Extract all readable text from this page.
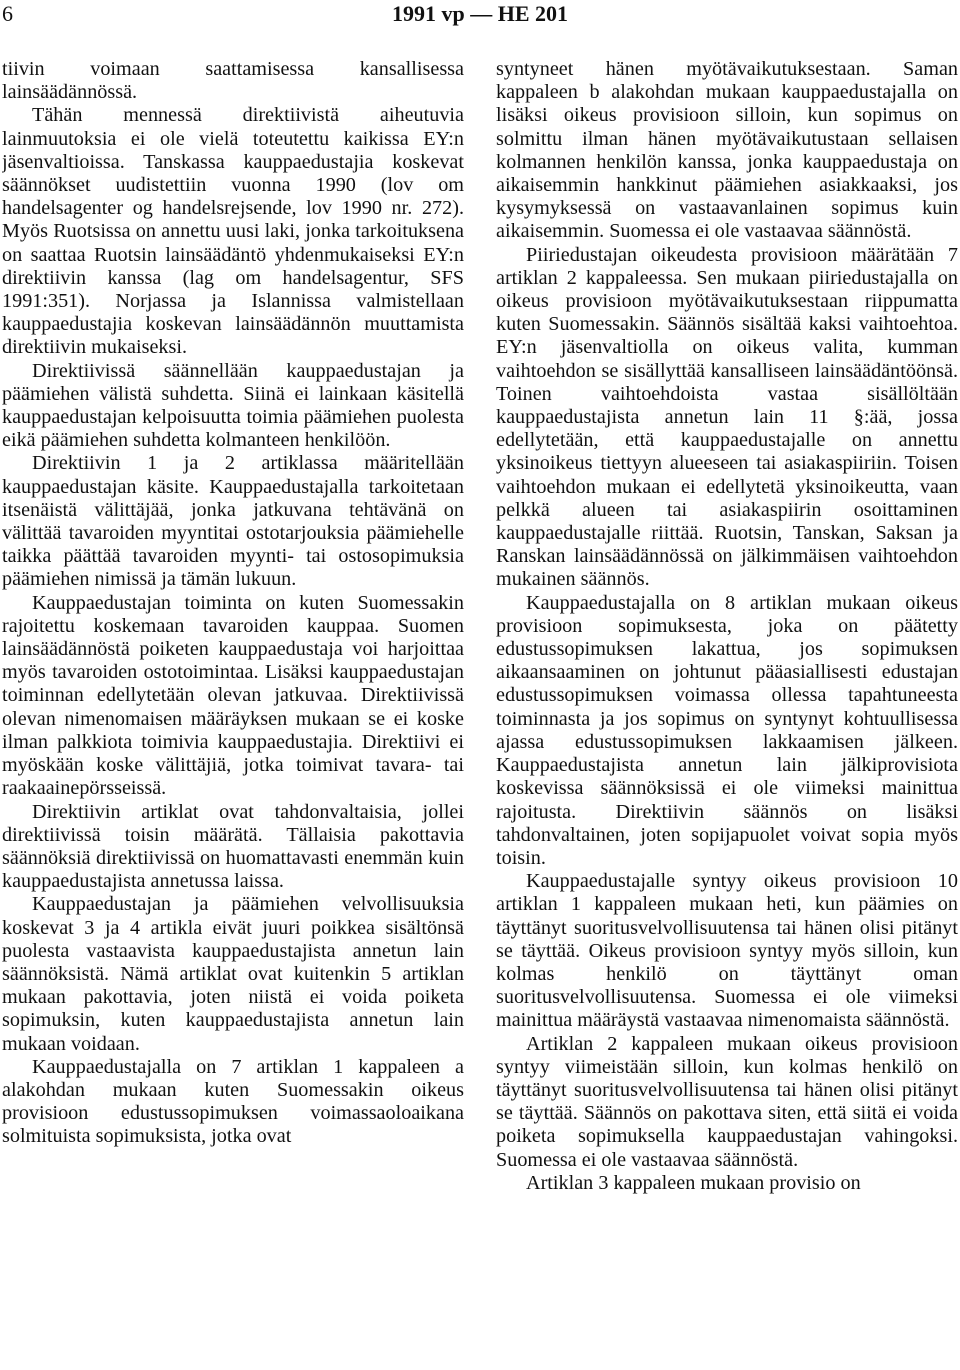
6	1991 vp — HE 201

tiivin voimaan saattamisessa kansallisessa lainsäädännössä.

Tähän mennessä direktiivistä aiheutuvia lainmuutoksia ei ole vielä toteutettu kaikissa EY:n jäsenvaltioissa. Tanskassa kauppaedustajia koskevat säännökset uudistettiin vuonna 1990 (lov om handelsagenter og handelsrejsende, lov 1990 nr. 272). Myös Ruotsissa on annettu uusi laki, jonka tarkoituksena on saattaa Ruotsin lainsäädäntö yhdenmukaiseksi EY:n direktiivin kanssa (lag om handelsagentur, SFS 1991:351). Norjassa ja Islannissa valmistellaan kauppaedustajia koskevan lainsäädännön muuttamista direktiivin mukaiseksi.

Direktiivissä säännellään kauppaedustajan ja päämiehen välistä suhdetta. Siinä ei lainkaan käsitellä kauppaedustajan kelpoisuutta toimia päämiehen puolesta eikä päämiehen suhdetta kolmanteen henkilöön.

Direktiivin 1 ja 2 artiklassa määritellään kauppaedustajan käsite. Kauppaedustajalla tarkoitetaan itsenäistä välittäjää, jonka jatkuvana tehtävänä on välittää tavaroiden myyntitai ostotarjouksia päämiehelle taikka päättää tavaroiden myynti- tai ostosopimuksia päämiehen nimissä ja tämän lukuun.

Kauppaedustajan toiminta on kuten Suomessakin rajoitettu koskemaan tavaroiden kauppaa. Suomen lainsäädännöstä poiketen kauppaedustaja voi harjoittaa myös tavaroiden ostotoimintaa. Lisäksi kauppaedustajan toiminnan edellytetään olevan jatkuvaa. Direktiivissä olevan nimenomaisen määräyksen mukaan se ei koske ilman palkkiota toimivia kauppaedustajia. Direktiivi ei myöskään koske välittäjiä, jotka toimivat tavara- tai raakaainepörsseissä.

Direktiivin artiklat ovat tahdonvaltaisia, jollei direktiivissä toisin määrätä. Tällaisia pakottavia säännöksiä direktiivissä on huomattavasti enemmän kuin kauppaedustajista annetussa laissa.

Kauppaedustajan ja päämiehen velvollisuuksia koskevat 3 ja 4 artikla eivät juuri poikkea sisältönsä puolesta vastaavista kauppaedustajista annetun lain säännöksistä. Nämä artiklat ovat kuitenkin 5 artiklan mukaan pakottavia, joten niistä ei voida poiketa sopimuksin, kuten kauppaedustajista annetun lain mukaan voidaan.

Kauppaedustajalla on 7 artiklan 1 kappaleen a alakohdan mukaan kuten Suomessakin oikeus provisioon edustussopimuksen voimassaoloaikana solmituista sopimuksista, jotka ovat

syntyneet hänen myötävaikutuksestaan. Saman kappaleen b alakohdan mukaan kauppaedustajalla on lisäksi oikeus provisioon silloin, kun sopimus on solmittu ilman hänen myötävaikutustaan sellaisen kolmannen henkilön kanssa, jonka kauppaedustaja on aikaisemmin hankkinut päämiehen asiakkaaksi, jos kysymyksessä on vastaavanlainen sopimus kuin aikaisemmin. Suomessa ei ole vastaavaa säännöstä.

Piiriedustajan oikeudesta provisioon määrätään 7 artiklan 2 kappaleessa. Sen mukaan piiriedustajalla on oikeus provisioon myötävaikutuksestaan riippumatta kuten Suomessakin. Säännös sisältää kaksi vaihtoehtoa. EY:n jäsenvaltiolla on oikeus valita, kumman vaihtoehdon se sisällyttää kansalliseen lainsäädäntöönsä. Toinen vaihtoehdoista vastaa sisällöltään kauppaedustajista annetun lain 11 §:ää, jossa edellytetään, että kauppaedustajalle on annettu yksinoikeus tiettyyn alueeseen tai asiakaspiiriin. Toisen vaihtoehdon mukaan ei edellytetä yksinoikeutta, vaan pelkkä alueen tai asiakaspiirin osoittaminen kauppaedustajalle riittää. Ruotsin, Tanskan, Saksan ja Ranskan lainsäädännössä on jälkimmäisen vaihtoehdon mukainen säännös.

Kauppaedustajalla on 8 artiklan mukaan oikeus provisioon sopimuksesta, joka on päätetty edustussopimuksen lakattua, jos sopimuksen aikaansaaminen on johtunut pääasiallisesti edustajan edustussopimuksen voimassa ollessa tapahtuneesta toiminnasta ja jos sopimus on syntynyt kohtuullisessa ajassa edustussopimuksen lakkaamisen jälkeen. Kauppaedustajista annetun lain jälkiprovisiota koskevissa säännöksissä ei ole viimeksi mainittua rajoitusta. Direktiivin säännös on lisäksi tahdonvaltainen, joten sopijapuolet voivat sopia myös toisin.

Kauppaedustajalle syntyy oikeus provisioon 10 artiklan 1 kappaleen mukaan heti, kun päämies on täyttänyt suoritusvelvollisuutensa tai hänen olisi pitänyt se täyttää. Oikeus provisioon syntyy myös silloin, kun kolmas henkilö on täyttänyt oman suoritusvelvollisuutensa. Suomessa ei ole viimeksi mainittua määräystä vastaavaa nimenomaista säännöstä.

Artiklan 2 kappaleen mukaan oikeus provisioon syntyy viimeistään silloin, kun kolmas henkilö on täyttänyt suoritusvelvollisuutensa tai hänen olisi pitänyt se täyttää. Säännös on pakottava siten, että siitä ei voida poiketa sopimuksella kauppaedustajan vahingoksi. Suomessa ei ole vastaavaa säännöstä.

Artiklan 3 kappaleen mukaan provisio on
